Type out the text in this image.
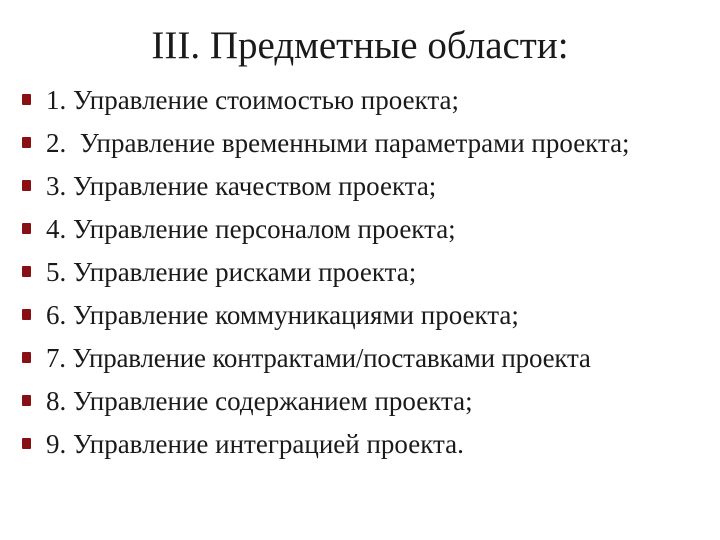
III. Предметные области:
1. Управление стоимостью проекта;
2.  Управление временными параметрами проекта;
3. Управление качеством проекта;
4. Управление персоналом проекта;
5. Управление рисками проекта;
6. Управление коммуникациями проекта;
7. Управление контрактами/поставками проекта
8. Управление содержанием проекта;
9. Управление интеграцией проекта.
